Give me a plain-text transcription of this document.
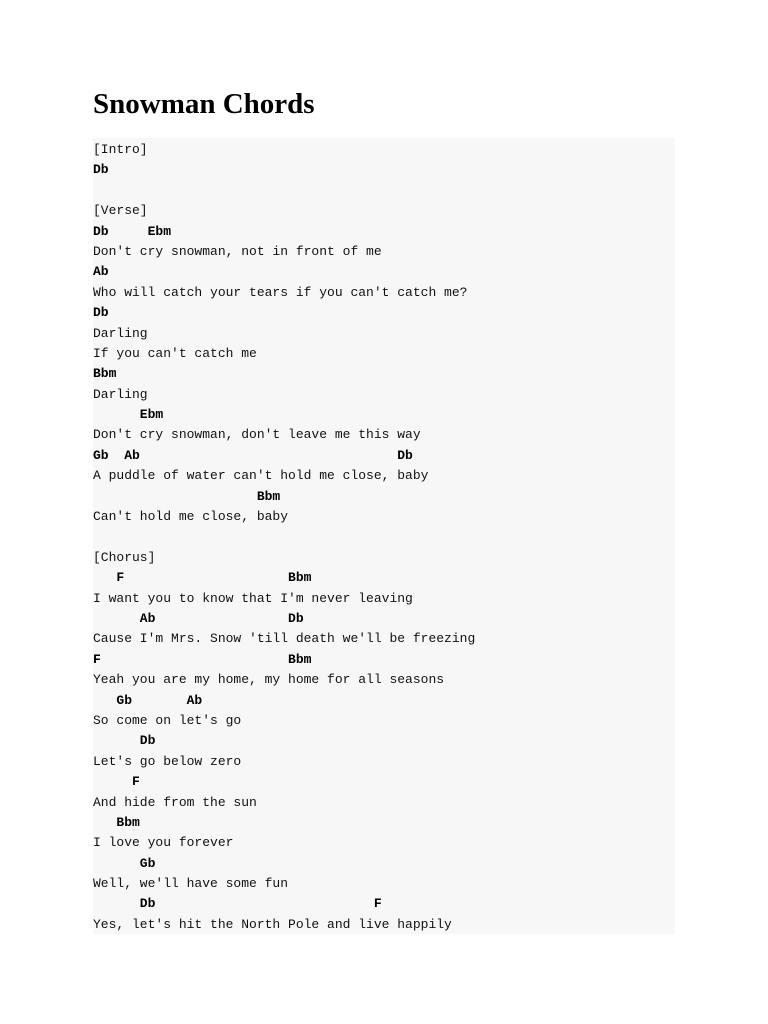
Snowman Chords
[Intro]
Db
[Verse]
Db     Ebm
Don't cry snowman, not in front of me
Ab
Who will catch your tears if you can't catch me?
Db
Darling
If you can't catch me
Bbm
Darling
Ebm
Don't cry snowman, don't leave me this way
Gb  Ab                                 Db
A puddle of water can't hold me close, baby
Bbm
Can't hold me close, baby
[Chorus]
F                     Bbm
I want you to know that I'm never leaving
Ab                 Db
Cause I'm Mrs. Snow 'till death we'll be freezing
F                        Bbm
Yeah you are my home, my home for all seasons
Gb       Ab
So come on let's go
Db
Let's go below zero
F
And hide from the sun
Bbm
I love you forever
Gb
Well, we'll have some fun
Db                            F
Yes, let's hit the North Pole and live happily
